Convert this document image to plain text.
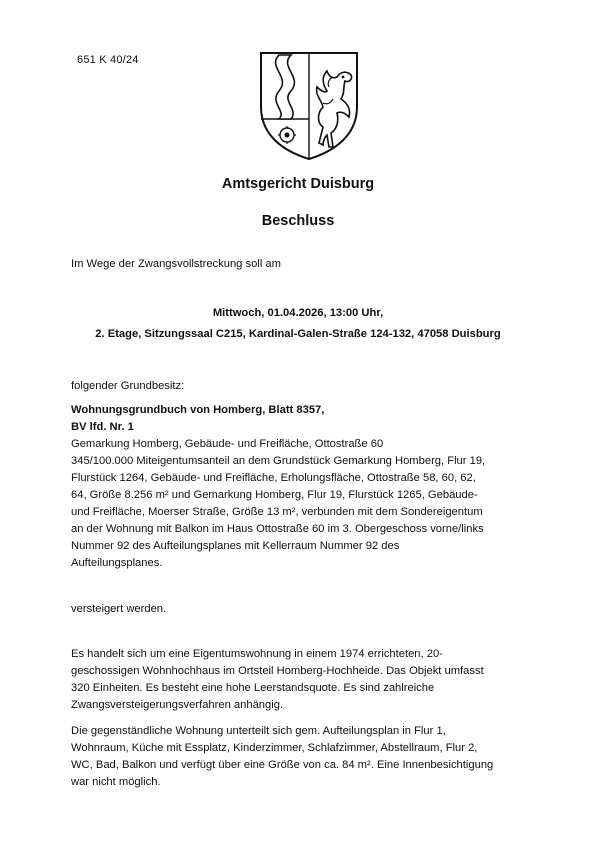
651 K 40/24
Amtsgericht Duisburg
Beschluss
Im Wege der Zwangsvollstreckung soll am
Mittwoch, 01.04.2026, 13:00 Uhr,
2. Etage, Sitzungssaal C215, Kardinal-Galen-Straße 124-132, 47058 Duisburg
folgender Grundbesitz:
Wohnungsgrundbuch von Homberg, Blatt 8357,
BV lfd. Nr. 1
Gemarkung Homberg, Gebäude- und Freifläche, Ottostraße 60
345/100.000 Miteigentumsanteil an dem Grundstück Gemarkung Homberg, Flur 19,
Flurstück 1264, Gebäude- und Freifläche, Erholungsfläche, Ottostraße 58, 60, 62,
64, Größe 8.256 m² und Gemarkung Homberg, Flur 19, Flurstück 1265, Gebäude-
und Freifläche, Moerser Straße, Größe 13 m², verbunden mit dem Sondereigentum
an der Wohnung mit Balkon im Haus Ottostraße 60 im 3. Obergeschoss vorne/links
Nummer 92 des Aufteilungsplanes mit Kellerraum Nummer 92 des
Aufteilungsplanes.
versteigert werden.
Es handelt sich um eine Eigentumswohnung in einem 1974 errichteten, 20-
geschossigen Wohnhochhaus im Ortsteil Homberg-Hochheide. Das Objekt umfasst
320 Einheiten. Es besteht eine hohe Leerstandsquote. Es sind zahlreiche
Zwangsversteigerungsverfahren anhängig.
Die gegenständliche Wohnung unterteilt sich gem. Aufteilungsplan in Flur 1,
Wohnraum, Küche mit Essplatz, Kinderzimmer, Schlafzimmer, Abstellraum, Flur 2,
WC, Bad, Balkon und verfügt über eine Größe von ca. 84 m². Eine Innenbesichtigung
war nicht möglich.
